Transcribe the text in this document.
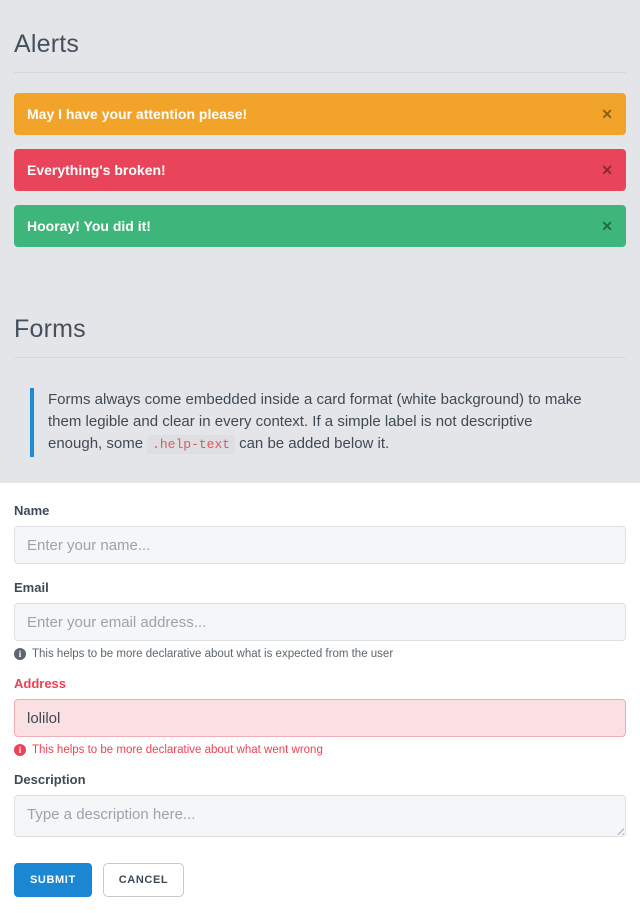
Alerts
May I have your attention please!	✕
Everything's broken!	✕
Hooray! You did it!	✕
Forms
Forms always come embedded inside a card format (white background) to make them legible and clear in every context. If a simple label is not descriptive enough, some .help-text can be added below it.
Name
Enter your name...
Email
Enter your email address...
i This helps to be more declarative about what is expected from the user
Address
lolilol
i This helps to be more declarative about what went wrong
Description
Type a description here...
SUBMIT	CANCEL
